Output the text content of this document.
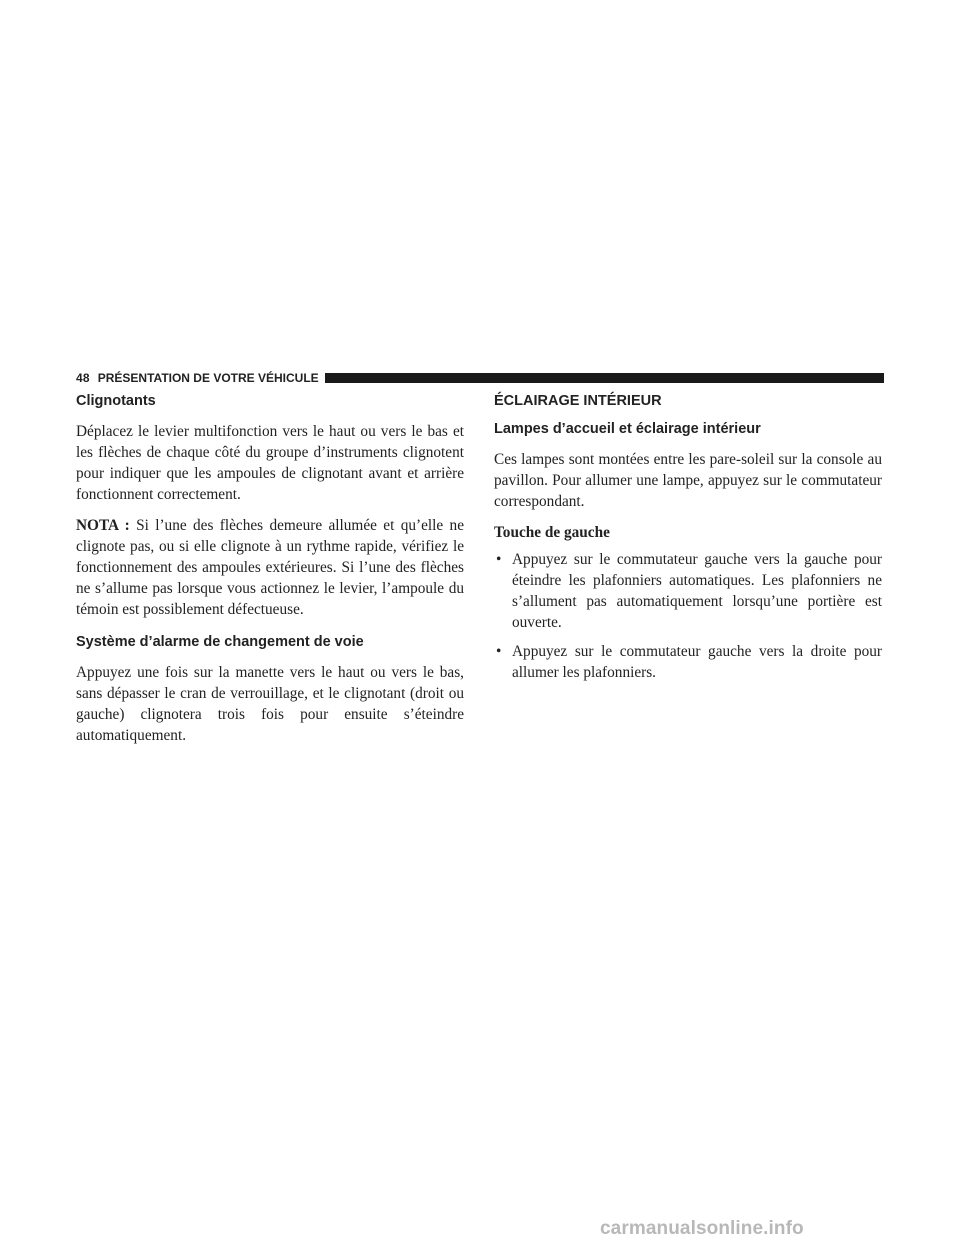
48 PRÉSENTATION DE VOTRE VÉHICULE
Clignotants

Déplacez le levier multifonction vers le haut ou vers le bas et les flèches de chaque côté du groupe d’instruments clignotent pour indiquer que les ampoules de clignotant avant et arrière fonctionnent correctement.

NOTA : Si l’une des flèches demeure allumée et qu’elle ne clignote pas, ou si elle clignote à un rythme rapide, vérifiez le fonctionnement des ampoules extérieures. Si l’une des flèches ne s’allume pas lorsque vous actionnez le levier, l’ampoule du témoin est possiblement défectueuse.

Système d’alarme de changement de voie

Appuyez une fois sur la manette vers le haut ou vers le bas, sans dépasser le cran de verrouillage, et le clignotant (droit ou gauche) clignotera trois fois pour ensuite s’éteindre automatiquement.

ÉCLAIRAGE INTÉRIEUR
Lampes d’accueil et éclairage intérieur

Ces lampes sont montées entre les pare-soleil sur la console au pavillon. Pour allumer une lampe, appuyez sur le commutateur correspondant.

Touche de gauche
• Appuyez sur le commutateur gauche vers la gauche pour éteindre les plafonniers automatiques. Les plafonniers ne s’allument pas automatiquement lorsqu’une portière est ouverte.
• Appuyez sur le commutateur gauche vers la droite pour allumer les plafonniers.
carmanualsonline.info
